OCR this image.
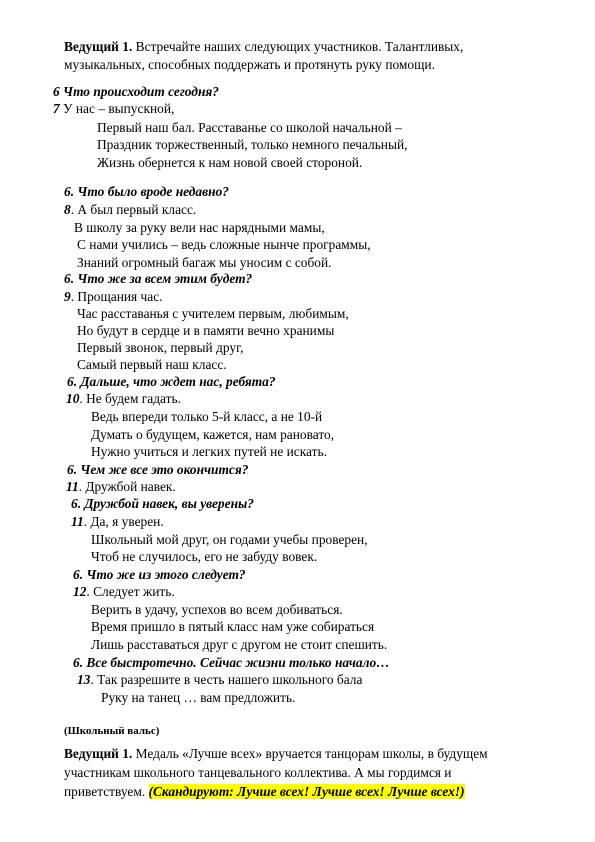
Ведущий 1. Встречайте наших следующих участников. Талантливых,
музыкальных, способных поддержать и протянуть руку помощи.
6 Что происходит сегодня?
7 У нас – выпускной,
Первый наш бал. Расставанье со школой начальной –
Праздник торжественный, только немного печальный,
Жизнь обернется к нам новой своей стороной.
6. Что было вроде недавно?
8. А был первый класс.
В школу за руку вели нас нарядными мамы,
С нами учились – ведь сложные нынче программы,
Знаний огромный багаж мы уносим с собой.
6. Что же за всем этим будет?
9. Прощания час.
Час расставанья с учителем первым, любимым,
Но будут в сердце и в памяти вечно хранимы
Первый звонок, первый друг,
Самый первый наш класс.
6. Дальше, что ждет нас, ребята?
10. Не будем гадать.
Ведь впереди только 5-й класс, а не 10-й
Думать о будущем, кажется, нам рановато,
Нужно учиться и легких путей не искать.
6. Чем же все это окончится?
11. Дружбой навек.
6. Дружбой навек, вы уверены?
11. Да, я уверен.
Школьный мой друг, он годами учебы проверен,
Чтоб не случилось, его не забуду вовек.
6. Что же из этого следует?
12. Следует жить.
Верить в удачу, успехов во всем добиваться.
Время пришло в пятый класс нам уже собираться
Лишь расставаться друг с другом не стоит спешить.
6. Все быстротечно. Сейчас жизни только начало…
13. Так разрешите в честь нашего школьного бала
Руку на танец … вам предложить.
(Школьный вальс)
Ведущий 1. Медаль «Лучше всех» вручается танцорам школы, в будущем
участникам школьного танцевального коллектива. А мы гордимся и
приветствуем. (Скандируют: Лучше всех! Лучше всех! Лучше всех!)
